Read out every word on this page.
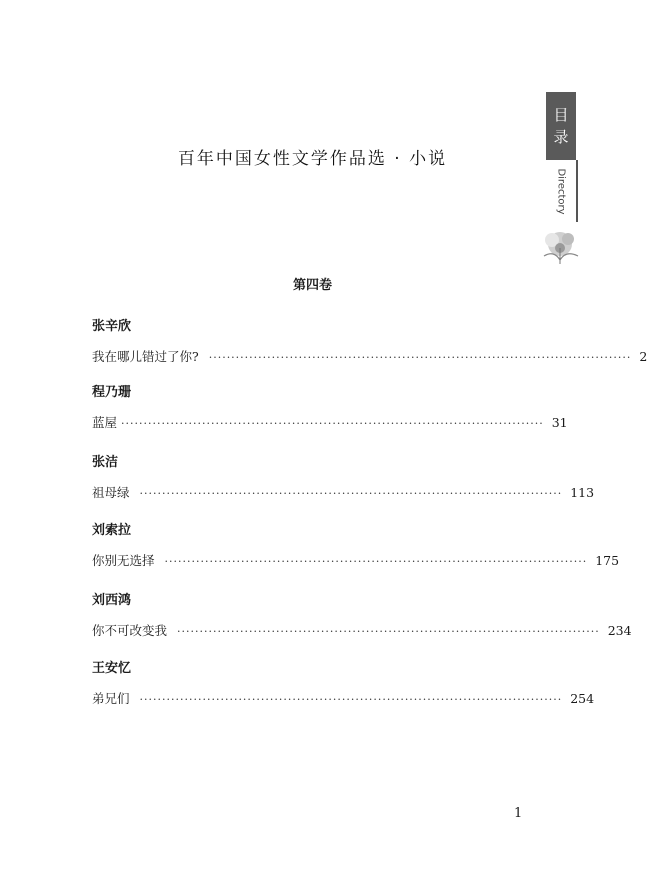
百年中国女性文学作品选 · 小说
目
录
Directory
第四卷
张辛欣
我在哪儿错过了你? ······························································································ 2
程乃珊
蓝屋 ······························································································ 31
张洁
祖母绿 ······························································································ 113
刘索拉
你别无选择 ······························································································ 175
刘西鸿
你不可改变我 ······························································································ 234
王安忆
弟兄们 ······························································································ 254
1
